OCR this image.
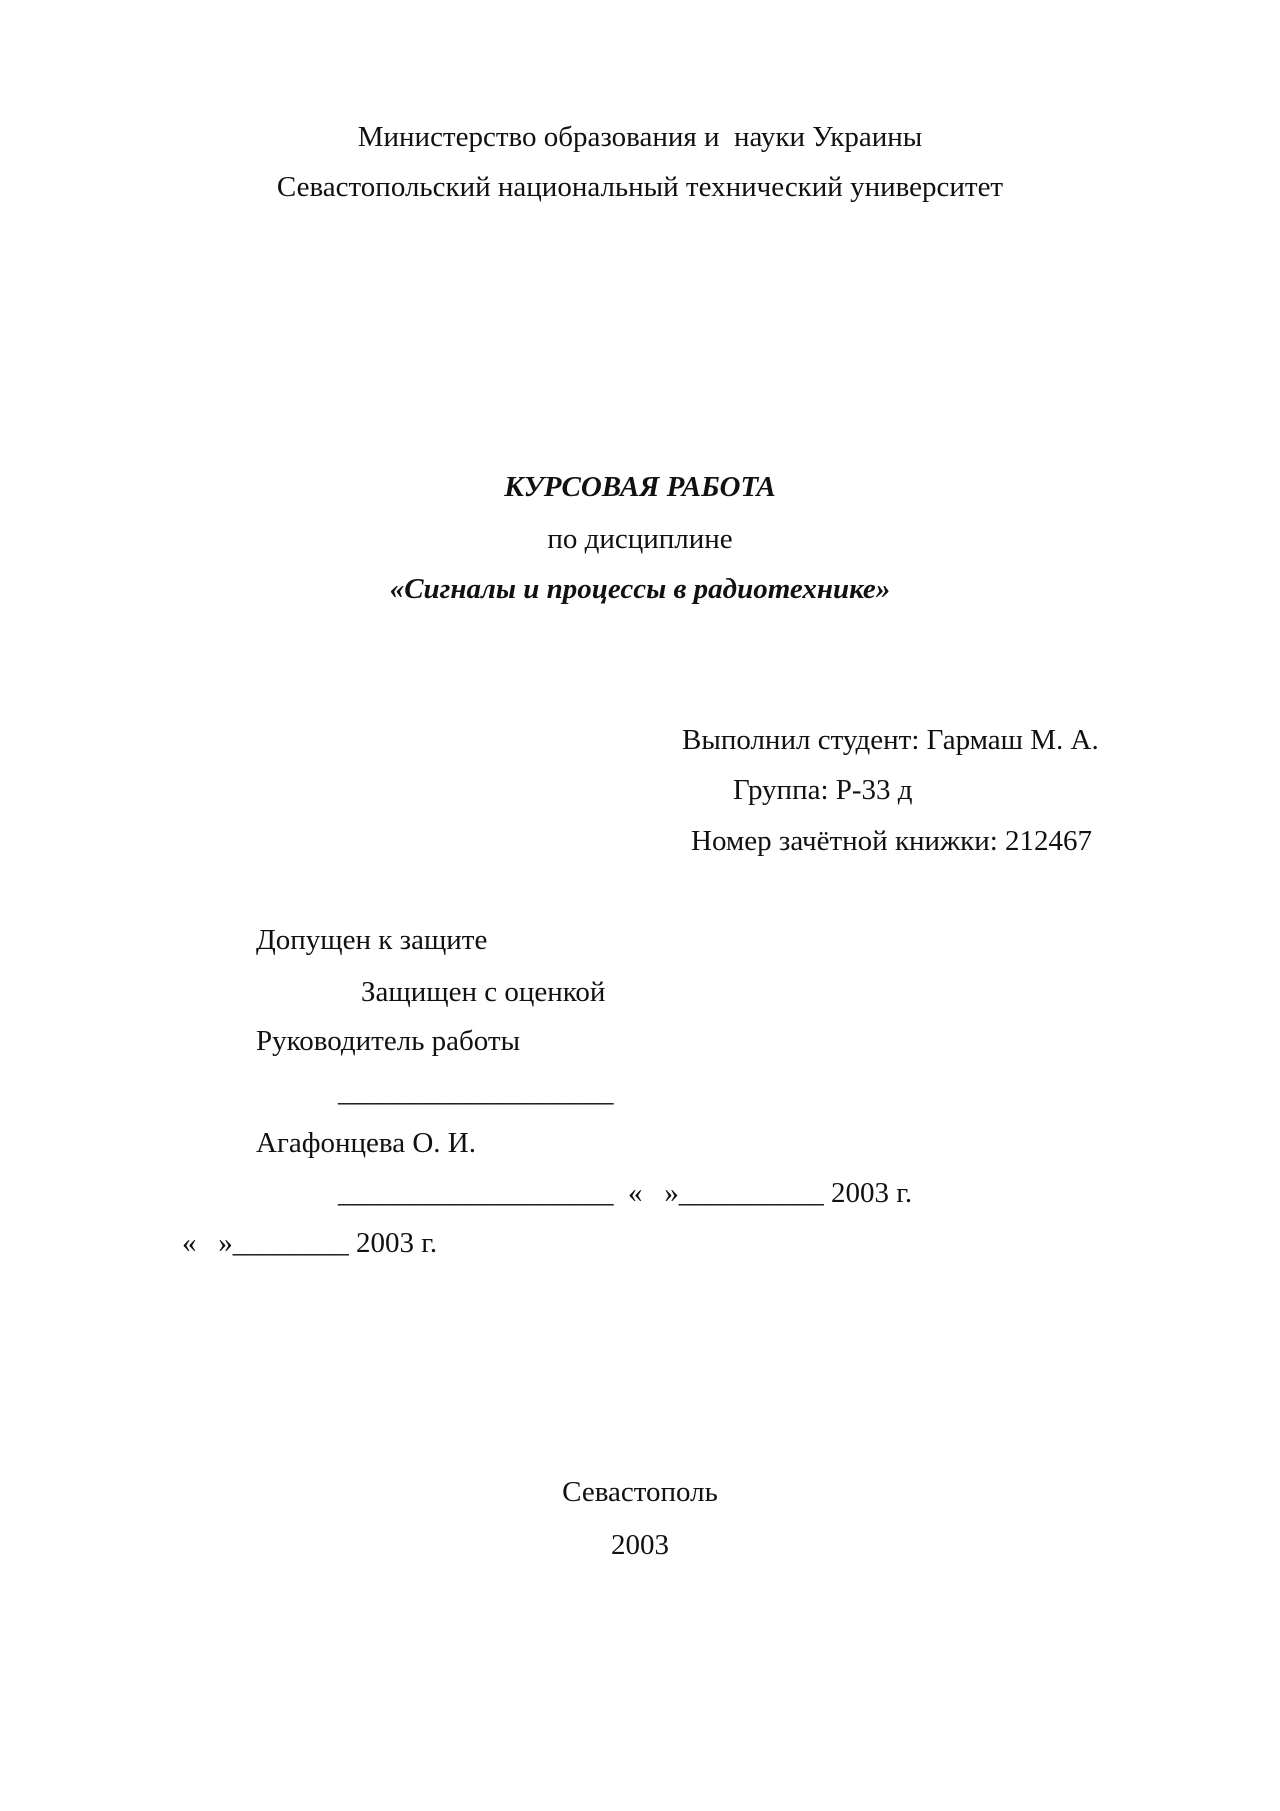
Министерство образования и  науки Украины
Севастопольский национальный технический университет
КУРСОВАЯ РАБОТА
по дисциплине
«Сигналы и процессы в радиотехнике»
Выполнил студент: Гармаш М. А.
Группа: Р-33 д
Номер зачётной книжки: 212467
Допущен к защите
Защищен с оценкой
Руководитель работы
___________________
Агафонцева О. И.
___________________  «   »__________ 2003 г.
«   »________ 2003 г.
Севастополь
2003
